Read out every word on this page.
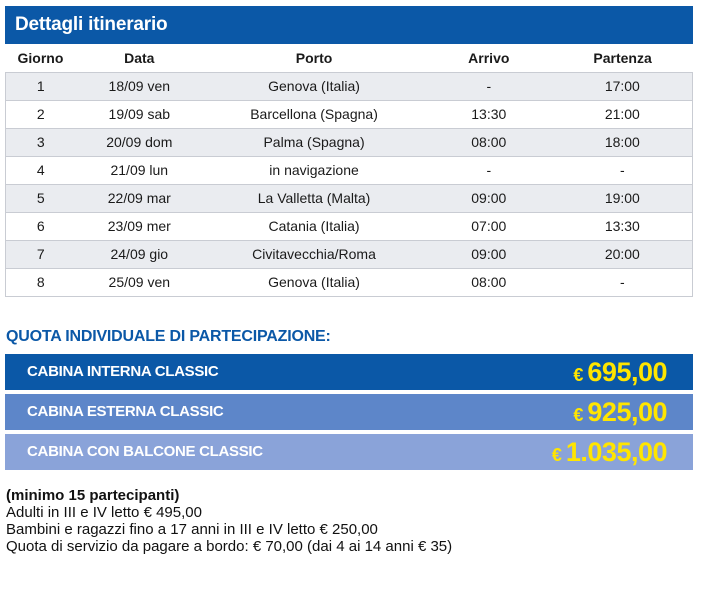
Dettagli itinerario
Giorno	Data	Porto	Arrivo	Partenza
1	18/09 ven	Genova (Italia)	-	17:00
2	19/09 sab	Barcellona (Spagna)	13:30	21:00
3	20/09 dom	Palma (Spagna)	08:00	18:00
4	21/09 lun	in navigazione	-	-
5	22/09 mar	La Valletta (Malta)	09:00	19:00
6	23/09 mer	Catania (Italia)	07:00	13:30
7	24/09 gio	Civitavecchia/Roma	09:00	20:00
8	25/09 ven	Genova (Italia)	08:00	-
QUOTA INDIVIDUALE DI PARTECIPAZIONE:
CABINA INTERNA CLASSIC	€ 695,00
CABINA ESTERNA CLASSIC	€ 925,00
CABINA CON BALCONE CLASSIC	€ 1.035,00
(minimo 15 partecipanti)
Adulti in III e IV letto € 495,00
Bambini e ragazzi fino a 17 anni in III e IV letto € 250,00
Quota di servizio da pagare a bordo: € 70,00 (dai 4 ai 14 anni € 35)
